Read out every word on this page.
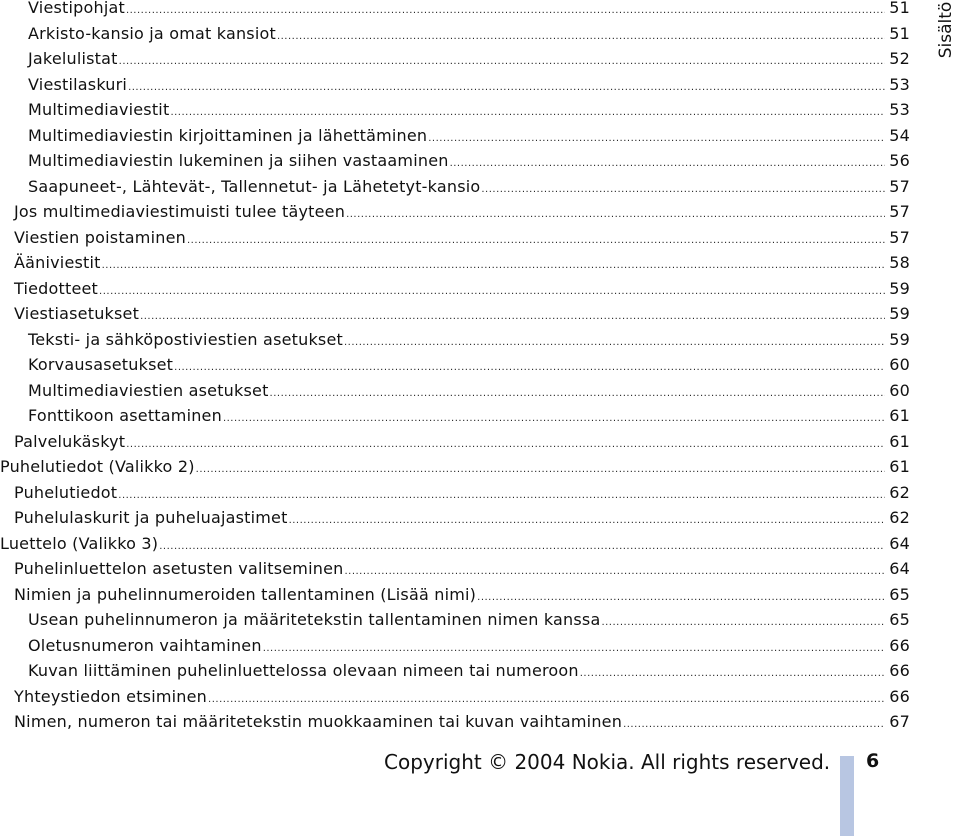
Viestipohjat .....	51
Arkisto-kansio ja omat kansiot .....	51
Jakelulistat .....	52
Viestilaskuri .....	53
Multimediaviestit .....	53
Multimediaviestin kirjoittaminen ja lähettäminen .....	54
Multimediaviestin lukeminen ja siihen vastaaminen .....	56
Saapuneet-, Lähtevät-, Tallennetut- ja Lähetetyt-kansio .....	57
Jos multimediaviestimuisti tulee täyteen .....	57
Viestien poistaminen .....	57
Ääniviestit .....	58
Tiedotteet .....	59
Viestiasetukset .....	59
Teksti- ja sähköpostiviestien asetukset .....	59
Korvausasetukset .....	60
Multimediaviestien asetukset .....	60
Fonttikoon asettaminen .....	61
Palvelukäskyt .....	61
Puhelutiedot (Valikko 2) .....	61
Puhelutiedot .....	62
Puhelulaskurit ja puheluajastimet .....	62
Luettelo (Valikko 3) .....	64
Puhelinluettelon asetusten valitseminen .....	64
Nimien ja puhelinnumeroiden tallentaminen (Lisää nimi) .....	65
Usean puhelinnumeron ja määritetekstin tallentaminen nimen kanssa .....	65
Oletusnumeron vaihtaminen .....	66
Kuvan liittäminen puhelinluettelossa olevaan nimeen tai numeroon .....	66
Yhteystiedon etsiminen .....	66
Nimen, numeron tai määritetekstin muokkaaminen tai kuvan vaihtaminen .....	67
Sisältö
Copyright © 2004 Nokia. All rights reserved. 6
